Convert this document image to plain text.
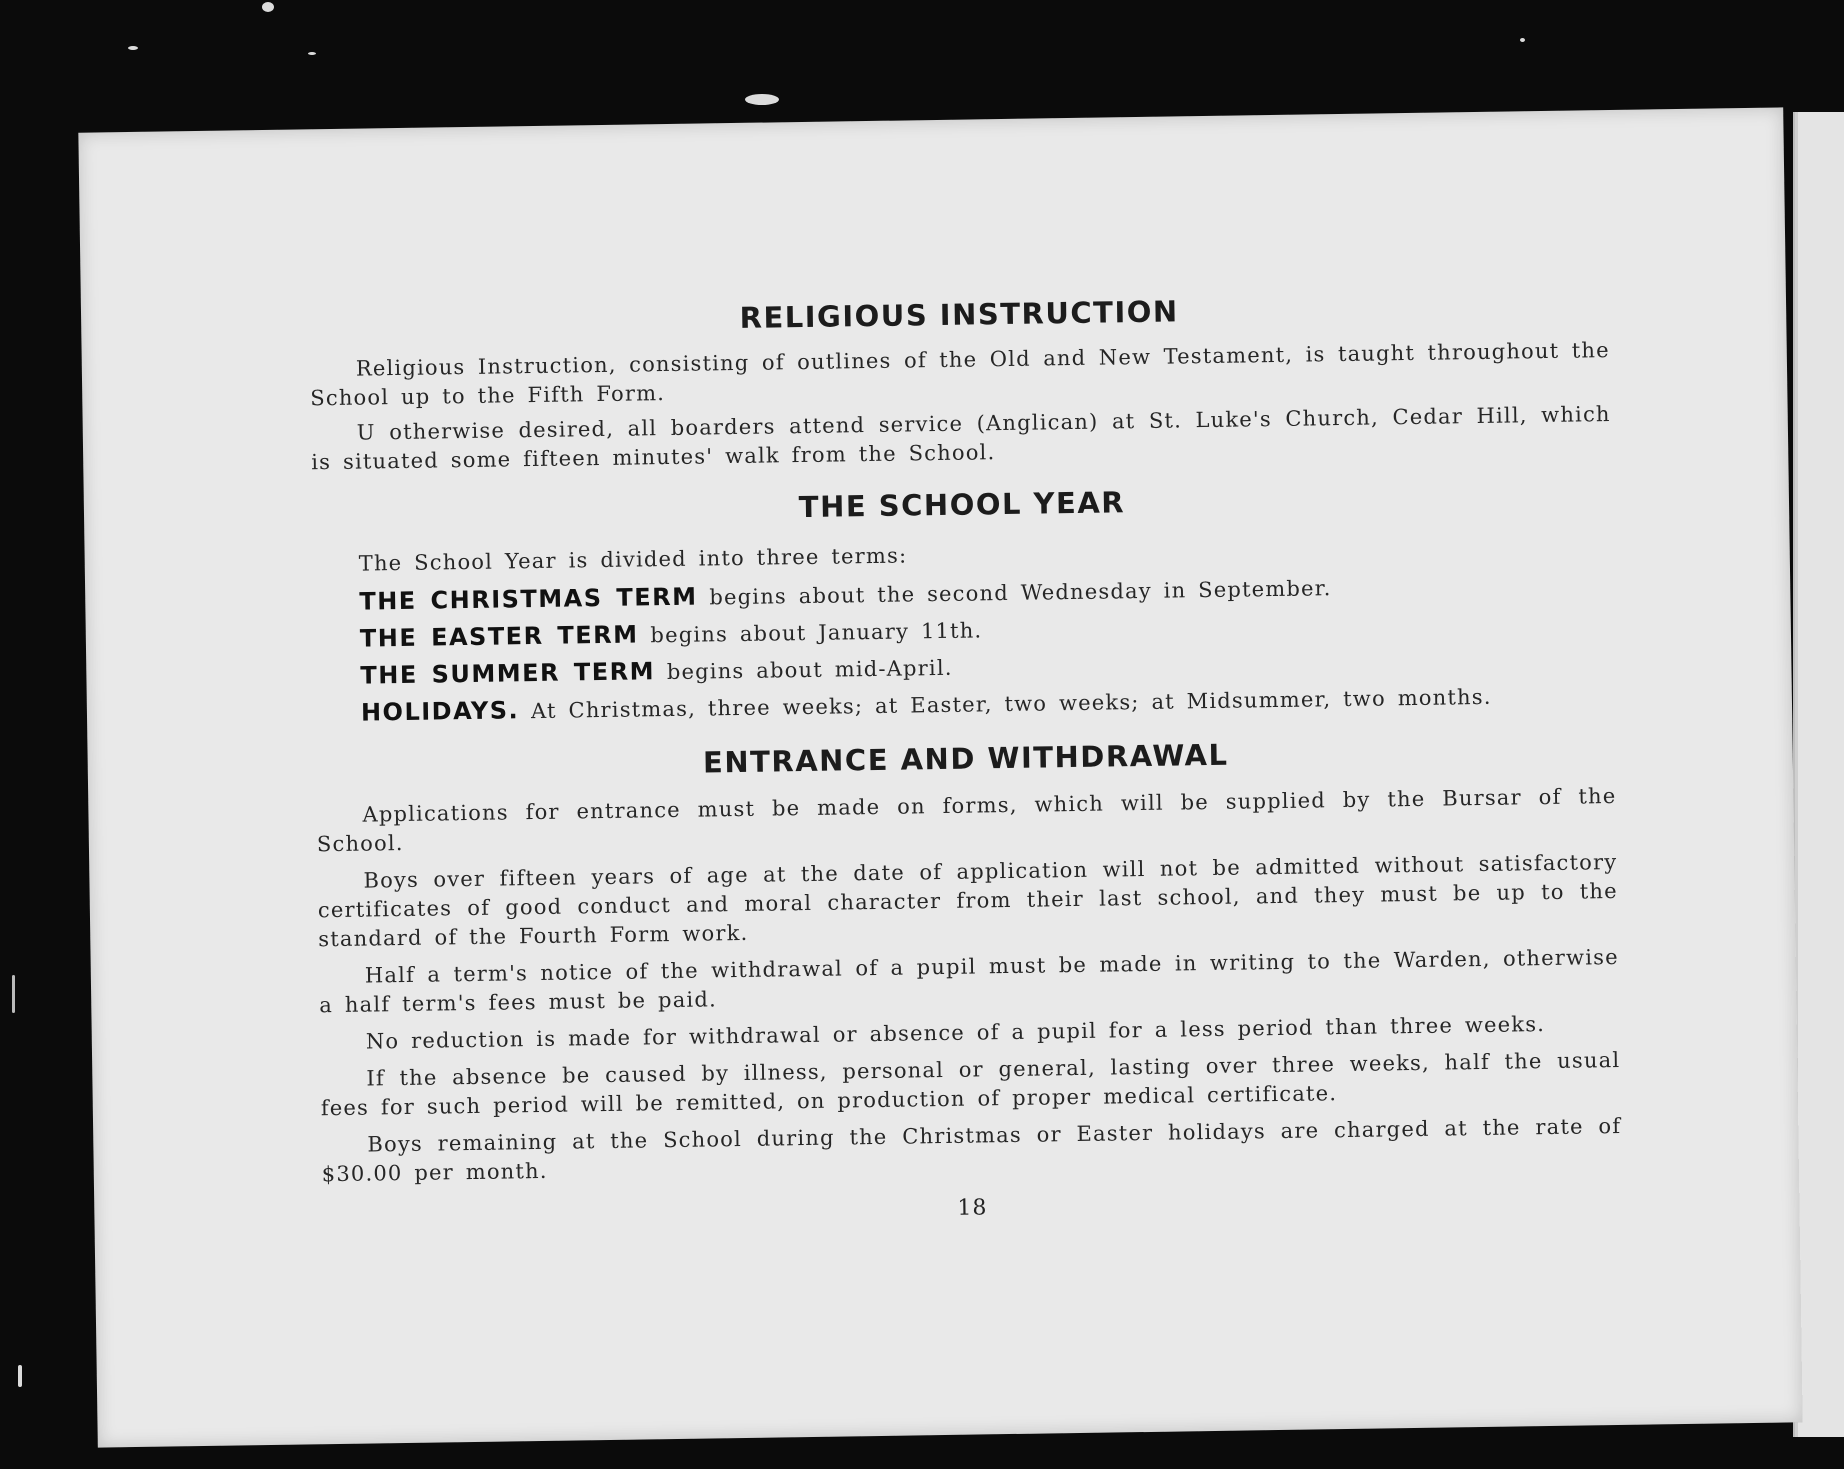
RELIGIOUS INSTRUCTION

Religious Instruction, consisting of outlines of the Old and New Testament, is taught throughout the School up to the Fifth Form.

U otherwise desired, all boarders attend service (Anglican) at St. Luke's Church, Cedar Hill, which is situated some fifteen minutes' walk from the School.

THE SCHOOL YEAR

The School Year is divided into three terms:

THE CHRISTMAS TERM begins about the second Wednesday in September.

THE EASTER TERM begins about January 11th.

THE SUMMER TERM begins about mid-April.

HOLIDAYS. At Christmas, three weeks; at Easter, two weeks; at Midsummer, two months.

ENTRANCE AND WITHDRAWAL

Applications for entrance must be made on forms, which will be supplied by the Bursar of the School.

Boys over fifteen years of age at the date of application will not be admitted without satisfactory certificates of good conduct and moral character from their last school, and they must be up to the standard of the Fourth Form work.

Half a term's notice of the withdrawal of a pupil must be made in writing to the Warden, otherwise a half term's fees must be paid.

No reduction is made for withdrawal or absence of a pupil for a less period than three weeks.

If the absence be caused by illness, personal or general, lasting over three weeks, half the usual fees for such period will be remitted, on production of proper medical certificate.

Boys remaining at the School during the Christmas or Easter holidays are charged at the rate of $30.00 per month.

18
